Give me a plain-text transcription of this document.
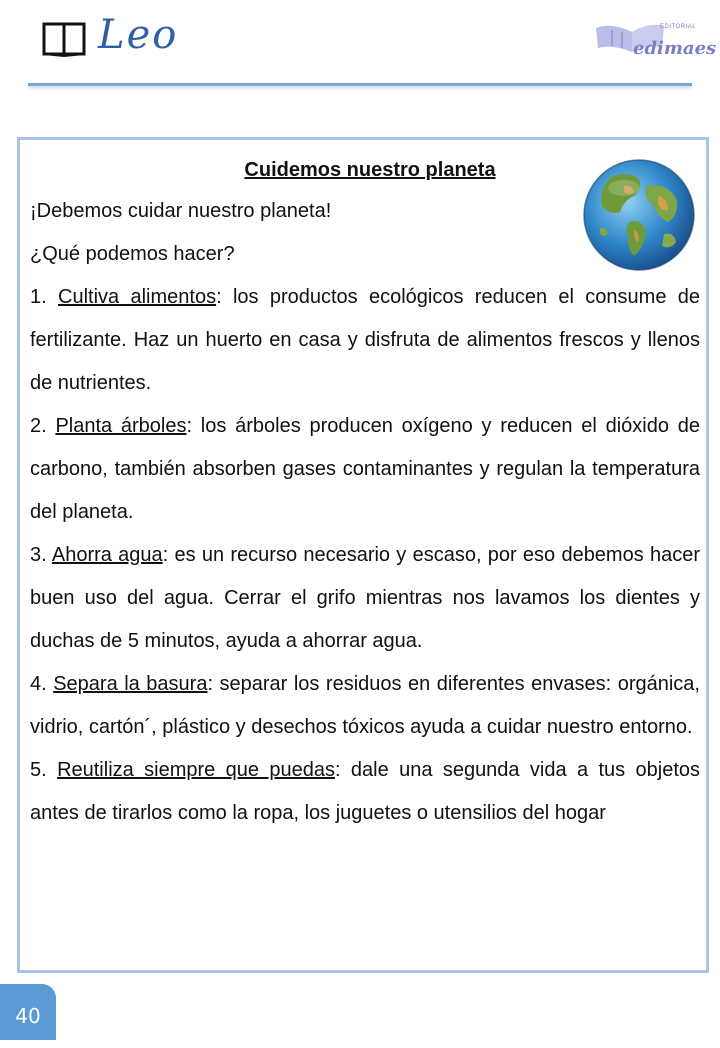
Leo	EDITORIAL
edimaes

Cuidemos nuestro planeta

¡Debemos cuidar nuestro planeta!

¿Qué podemos hacer?

1. Cultiva alimentos: los productos ecológicos reducen el consume de fertilizante. Haz un huerto en casa y disfruta de alimentos frescos y llenos de nutrientes.

2. Planta árboles: los árboles producen oxígeno y reducen el dióxido de carbono, también absorben gases contaminantes y regulan la temperatura del planeta.

3. Ahorra agua: es un recurso necesario y escaso, por eso debemos hacer buen uso del agua. Cerrar el grifo mientras nos lavamos los dientes y duchas de 5 minutos, ayuda a ahorrar agua.

4. Separa la basura: separar los residuos en diferentes envases: orgánica, vidrio, cartón´, plástico y desechos tóxicos ayuda a cuidar nuestro entorno.

5. Reutiliza siempre que puedas: dale una segunda vida a tus objetos antes de tirarlos como la ropa, los juguetes o utensilios del hogar

40
